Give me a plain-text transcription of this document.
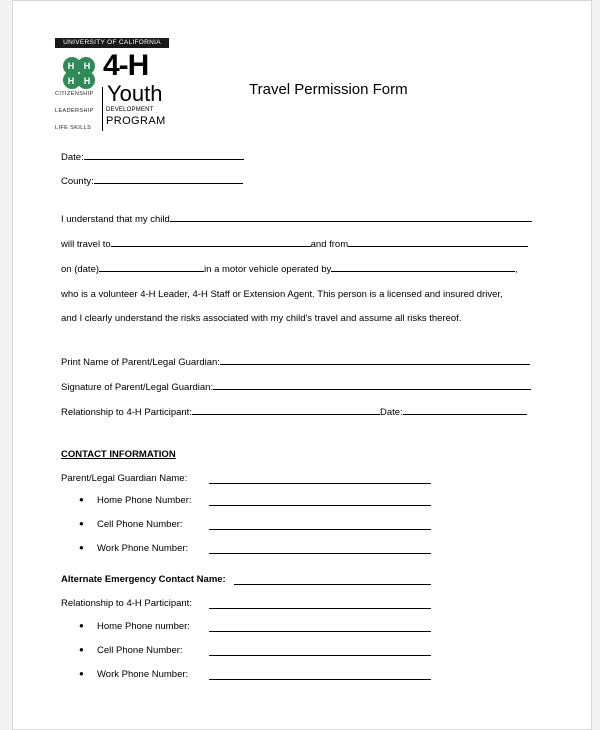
UNIVERSITY OF CALIFORNIA
H H
H H
CITIZENSHIP
LEADERSHIP
LIFE SKILLS
4-H
Youth
DEVELOPMENT
PROGRAM
Travel Permission Form
Date:
County:
I understand that my child
will travel to	and from
on (date)	in a motor vehicle operated by	,
who is a volunteer 4-H Leader, 4-H Staff or Extension Agent. This person is a licensed and insured driver,
and I clearly understand the risks associated with my child's travel and assume all risks thereof.
Print Name of Parent/Legal Guardian:
Signature of Parent/Legal Guardian:
Relationship to 4-H Participant:	Date:
CONTACT INFORMATION
Parent/Legal Guardian Name:
● Home Phone Number:
● Cell Phone Number:
● Work Phone Number:
Alternate Emergency Contact Name:
Relationship to 4-H Participant:
● Home Phone number:
● Cell Phone Number:
● Work Phone Number:
